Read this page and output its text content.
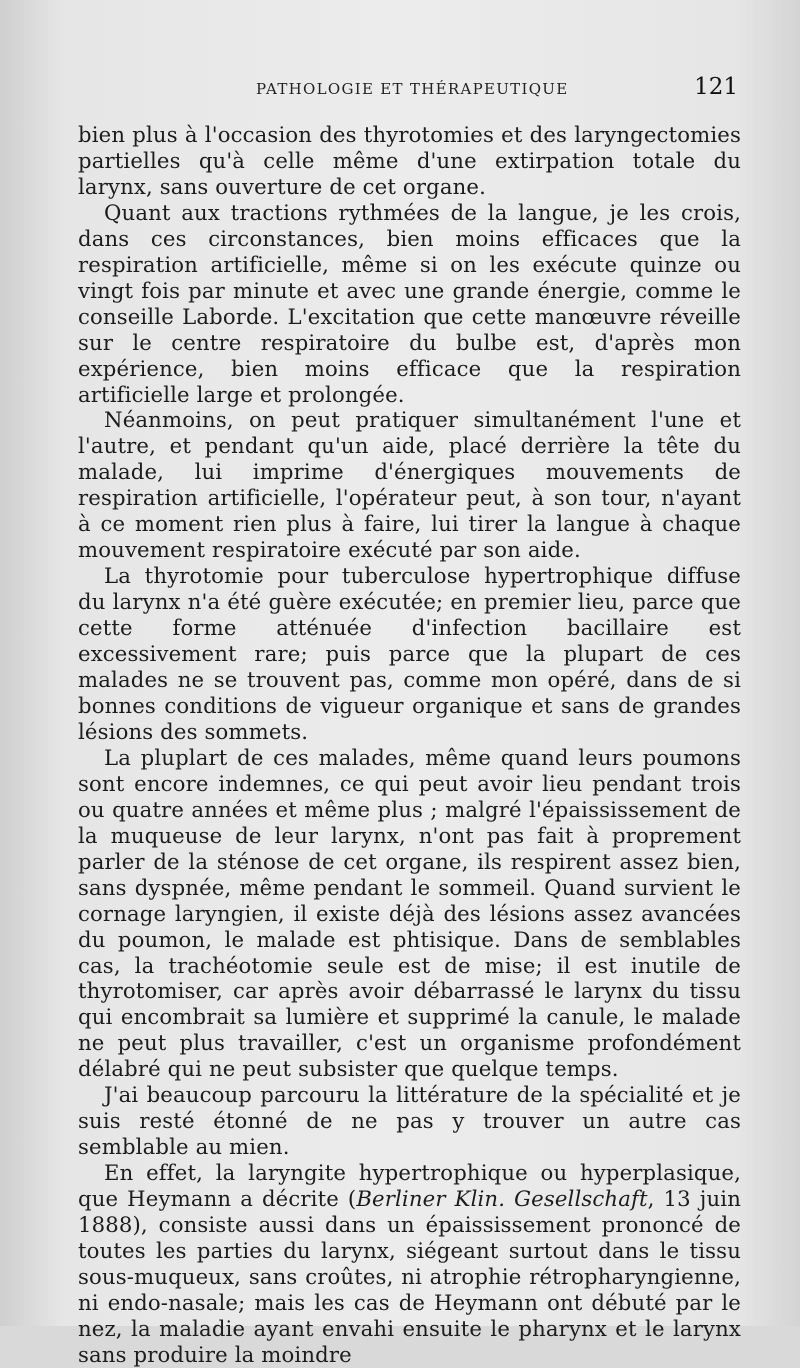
PATHOLOGIE ET THÉRAPEUTIQUE	121

bien plus à l'occasion des thyrotomies et des laryngectomies partielles qu'à celle même d'une extirpation totale du larynx, sans ouverture de cet organe.

Quant aux tractions rythmées de la langue, je les crois, dans ces circonstances, bien moins efficaces que la respiration artificielle, même si on les exécute quinze ou vingt fois par minute et avec une grande énergie, comme le conseille Laborde. L'excitation que cette manœuvre réveille sur le centre respiratoire du bulbe est, d'après mon expérience, bien moins efficace que la respiration artificielle large et prolongée.

Néanmoins, on peut pratiquer simultanément l'une et l'autre, et pendant qu'un aide, placé derrière la tête du malade, lui imprime d'énergiques mouvements de respiration artificielle, l'opérateur peut, à son tour, n'ayant à ce moment rien plus à faire, lui tirer la langue à chaque mouvement respiratoire exécuté par son aide.

La thyrotomie pour tuberculose hypertrophique diffuse du larynx n'a été guère exécutée; en premier lieu, parce que cette forme atténuée d'infection bacillaire est excessivement rare; puis parce que la plupart de ces malades ne se trouvent pas, comme mon opéré, dans de si bonnes conditions de vigueur organique et sans de grandes lésions des sommets.

La pluplart de ces malades, même quand leurs poumons sont encore indemnes, ce qui peut avoir lieu pendant trois ou quatre années et même plus ; malgré l'épaississement de la muqueuse de leur larynx, n'ont pas fait à proprement parler de la sténose de cet organe, ils respirent assez bien, sans dyspnée, même pendant le sommeil. Quand survient le cornage laryngien, il existe déjà des lésions assez avancées du poumon, le malade est phtisique. Dans de semblables cas, la trachéotomie seule est de mise; il est inutile de thyrotomiser, car après avoir débarrassé le larynx du tissu qui encombrait sa lumière et supprimé la canule, le malade ne peut plus travailler, c'est un organisme profondément délabré qui ne peut subsister que quelque temps.

J'ai beaucoup parcouru la littérature de la spécialité et je suis resté étonné de ne pas y trouver un autre cas semblable au mien.

En effet, la laryngite hypertrophique ou hyperplasique, que Heymann a décrite (Berliner Klin. Gesellschaft, 13 juin 1888), consiste aussi dans un épaississement prononcé de toutes les parties du larynx, siégeant surtout dans le tissu sous-muqueux, sans croûtes, ni atrophie rétropharyngienne, ni endo-nasale; mais les cas de Heymann ont débuté par le nez, la maladie ayant envahi ensuite le pharynx et le larynx sans produire la moindre
